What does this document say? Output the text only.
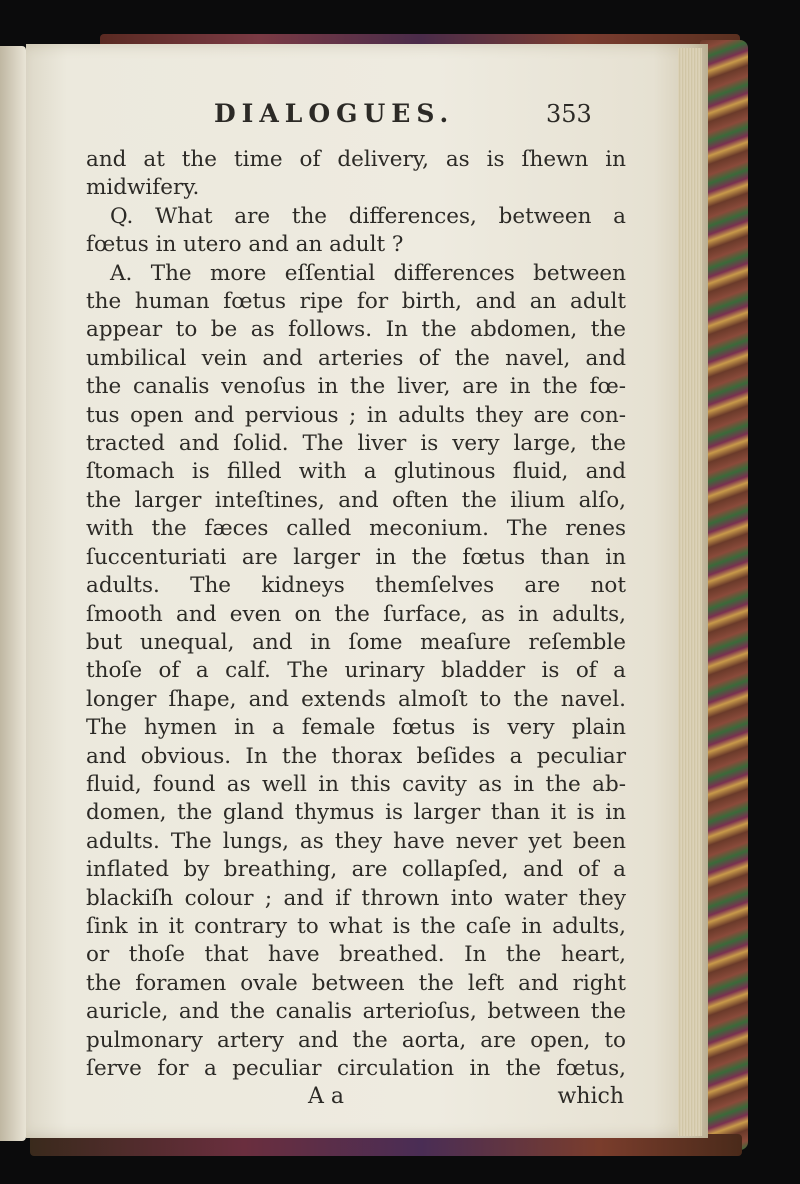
DIALOGUES.	353
and at the time of delivery, as is ſhewn in
midwifery.
Q. What are the differences, between a
fœtus in utero and an adult ?
A. The more eſſential differences between
the human fœtus ripe for birth, and an adult
appear to be as follows. In the abdomen, the
umbilical vein and arteries of the navel, and
the canalis venoſus in the liver, are in the fœ-
tus open and pervious ; in adults they are con-
tracted and ſolid. The liver is very large, the
ſtomach is filled with a glutinous fluid, and
the larger inteſtines, and often the ilium alſo,
with the fæces called meconium. The renes
ſuccenturiati are larger in the fœtus than in
adults. The kidneys themſelves are not
ſmooth and even on the ſurface, as in adults,
but unequal, and in ſome meaſure reſemble
thoſe of a calf. The urinary bladder is of a
longer ſhape, and extends almoſt to the navel.
The hymen in a female fœtus is very plain
and obvious. In the thorax beſides a peculiar
fluid, found as well in this cavity as in the ab-
domen, the gland thymus is larger than it is in
adults. The lungs, as they have never yet been
inflated by breathing, are collapſed, and of a
blackiſh colour ; and if thrown into water they
ſink in it contrary to what is the caſe in adults,
or thoſe that have breathed. In the heart,
the foramen ovale between the left and right
auricle, and the canalis arterioſus, between the
pulmonary artery and the aorta, are open, to
ſerve for a peculiar circulation in the fœtus,
A a	which
